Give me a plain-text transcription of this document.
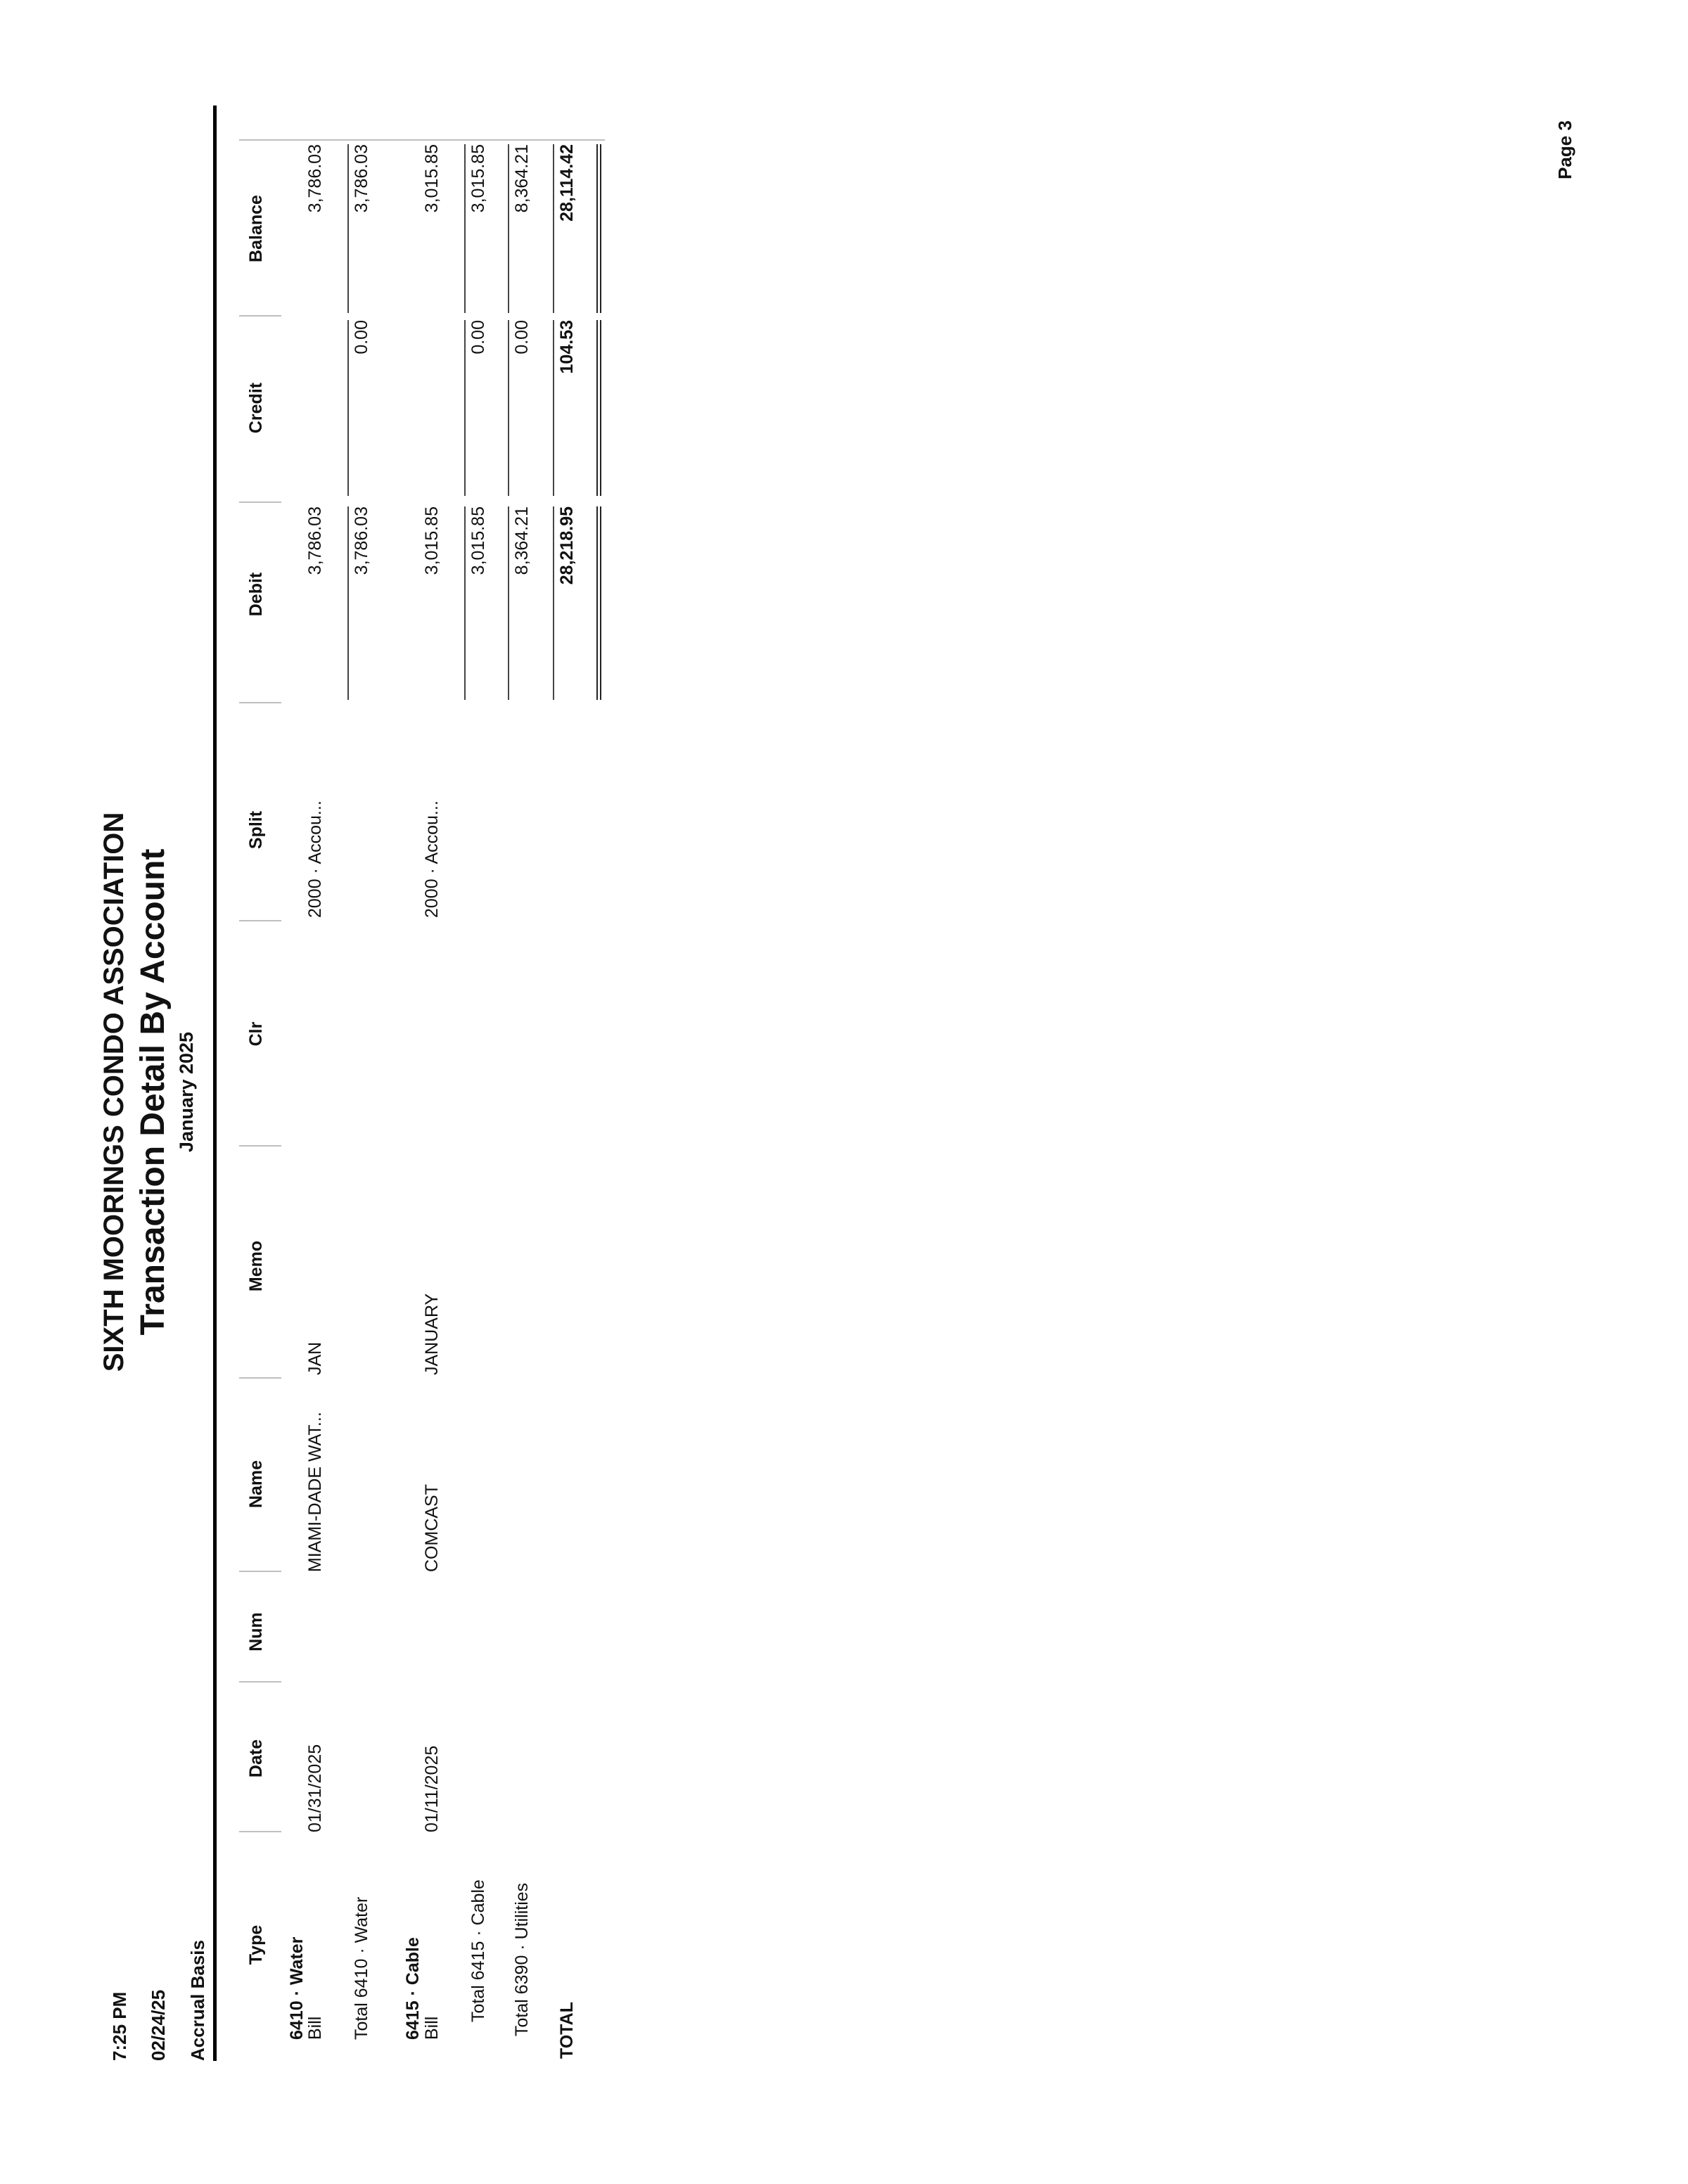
7:25 PM 02/24/25 Accrual Basis
SIXTH MOORINGS CONDO ASSOCIATION Transaction Detail By Account January 2025
Type
Date
Num
Name
Memo
Clr
Split
Debit
Credit
Balance
6410 · Water
Bill
01/31/2025
MIAMI-DADE WAT...
JAN
2000 · Accou...
3,786.03
3,786.03
Total 6410 · Water
3,786.03
0.00
3,786.03
6415 · Cable Bill
01/11/2025
COMCAST
JANUARY
2000 · Accou...
3,015.85
3,015.85
Total 6415 · Cable
3,015.85
0.00
3,015.85
Total 6390 · Utilities
8,364.21
0.00
8,364.21
TOTAL
28,218.95
104.53
28,114.42	Page 3
